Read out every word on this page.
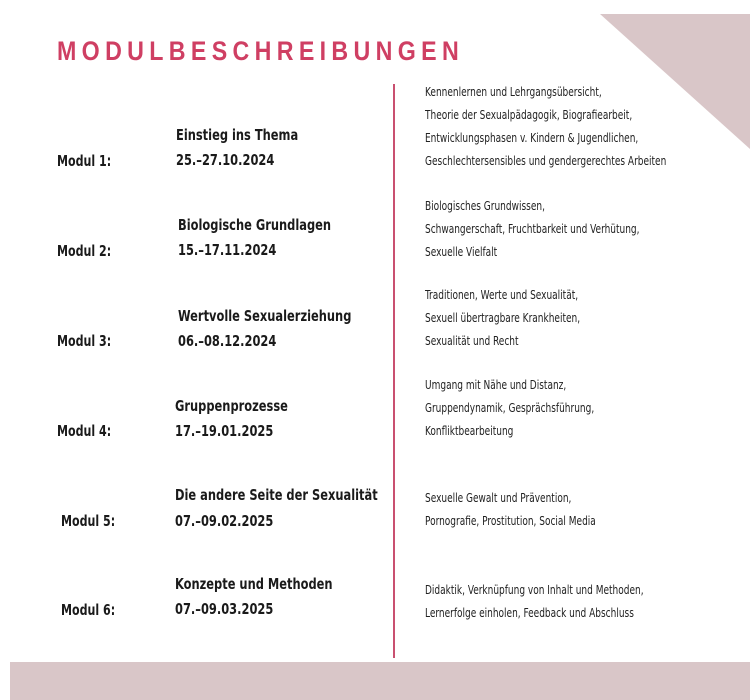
MODULBESCHREIBUNGEN
Modul 1:
Einstieg ins Thema
25.–27.10.2024
Kennenlernen und Lehrgangsübersicht,
Theorie der Sexualpädagogik, Biografiearbeit,
Entwicklungsphasen v. Kindern & Jugendlichen,
Geschlechtersensibles und gendergerechtes Arbeiten
Modul 2:
Biologische Grundlagen
15.–17.11.2024
Biologisches Grundwissen,
Schwangerschaft, Fruchtbarkeit und Verhütung,
Sexuelle Vielfalt
Modul 3:
Wertvolle Sexualerziehung
06.–08.12.2024
Traditionen, Werte und Sexualität,
Sexuell übertragbare Krankheiten,
Sexualität und Recht
Modul 4:
Gruppenprozesse
17.–19.01.2025
Umgang mit Nähe und Distanz,
Gruppendynamik, Gesprächsführung,
Konfliktbearbeitung
Modul 5:
Die andere Seite der Sexualität
07.–09.02.2025
Sexuelle Gewalt und Prävention,
Pornografie, Prostitution, Social Media
Modul 6:
Konzepte und Methoden
07.–09.03.2025
Didaktik, Verknüpfung von Inhalt und Methoden,
Lernerfolge einholen, Feedback und Abschluss
